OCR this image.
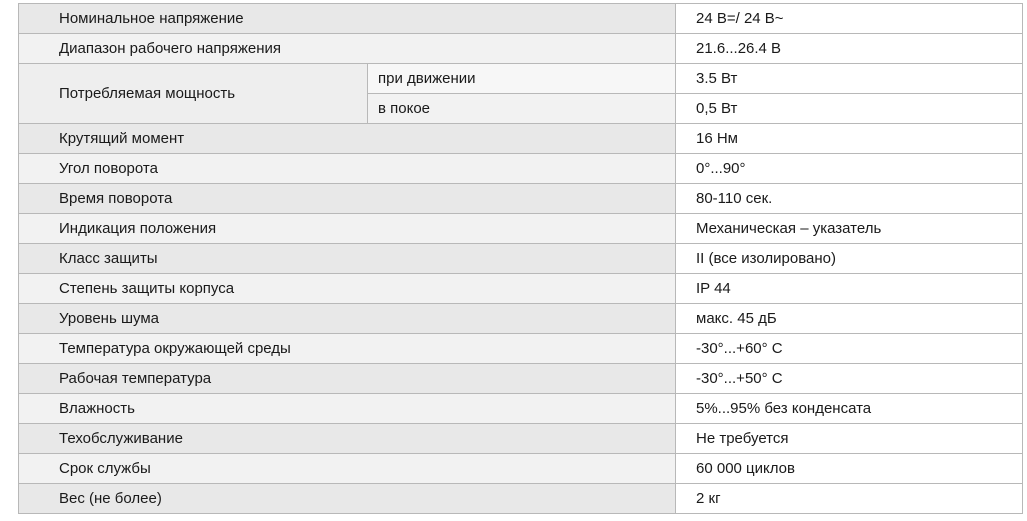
Номинальное напряжение		24 В=/ 24 В~
Диапазон рабочего напряжения		21.6...26.4 В
Потребляемая мощность	при движении	3.5 Вт
	в покое	0,5 Вт
Крутящий момент		16 Нм
Угол поворота		0°...90°
Время поворота		80-110 сек.
Индикация положения		Механическая – указатель
Класс защиты		II (все изолировано)
Степень защиты корпуса		IP 44
Уровень шума		макс. 45 дБ
Температура окружающей среды		-30°...+60° С
Рабочая температура		-30°...+50° С
Влажность		5%...95% без конденсата
Техобслуживание		Не требуется
Срок службы		60 000 циклов
Вес (не более)		2 кг
